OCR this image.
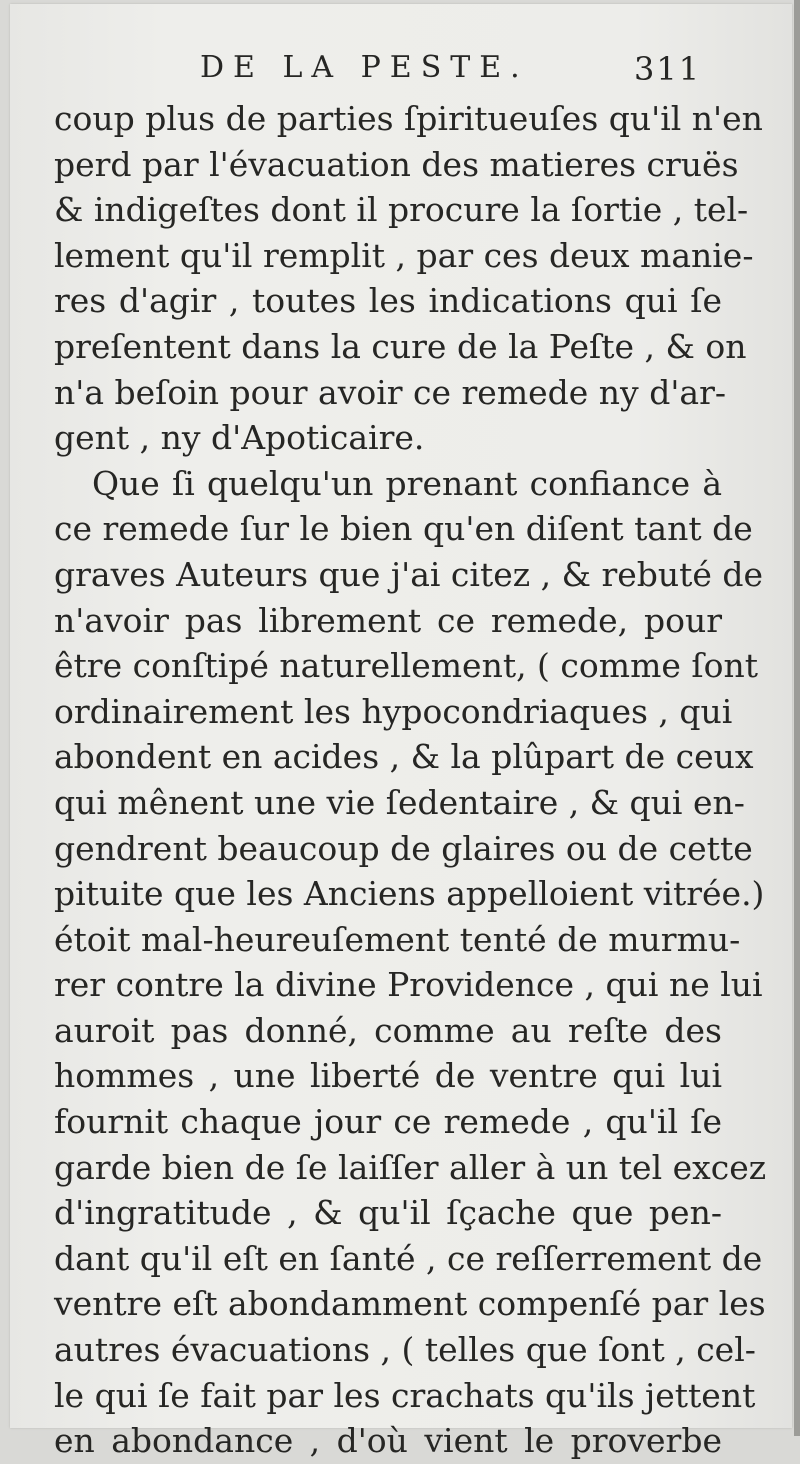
DE LA PESTE.	311
coup plus de parties ſpiritueuſes qu'il n'en
perd par l'évacuation des matieres cruës
& indigeſtes dont il procure la ſortie , tel-
lement qu'il remplit , par ces deux manie-
res d'agir , toutes les indications qui ſe
preſentent dans la cure de la Peſte , & on
n'a beſoin pour avoir ce remede ny d'ar-
gent , ny d'Apoticaire.
Que ſi quelqu'un prenant confiance à
ce remede ſur le bien qu'en diſent tant de
graves Auteurs que j'ai citez , & rebuté de
n'avoir pas librement ce remede, pour
être conſtipé naturellement, ( comme ſont
ordinairement les hypocondriaques , qui
abondent en acides , & la plûpart de ceux
qui mênent une vie ſedentaire , & qui en-
gendrent beaucoup de glaires ou de cette
pituite que les Anciens appelloient vitrée.)
étoit mal-heureuſement tenté de murmu-
rer contre la divine Providence , qui ne lui
auroit pas donné, comme au reſte des
hommes , une liberté de ventre qui lui
fournit chaque jour ce remede , qu'il ſe
garde bien de ſe laiſſer aller à un tel excez
d'ingratitude , & qu'il ſçache que pen-
dant qu'il eſt en ſanté , ce reſſerrement de
ventre eſt abondamment compenſé par les
autres évacuations , ( telles que ſont , cel-
le qui ſe fait par les crachats qu'ils jettent
en abondance , d'où vient le proverbe
